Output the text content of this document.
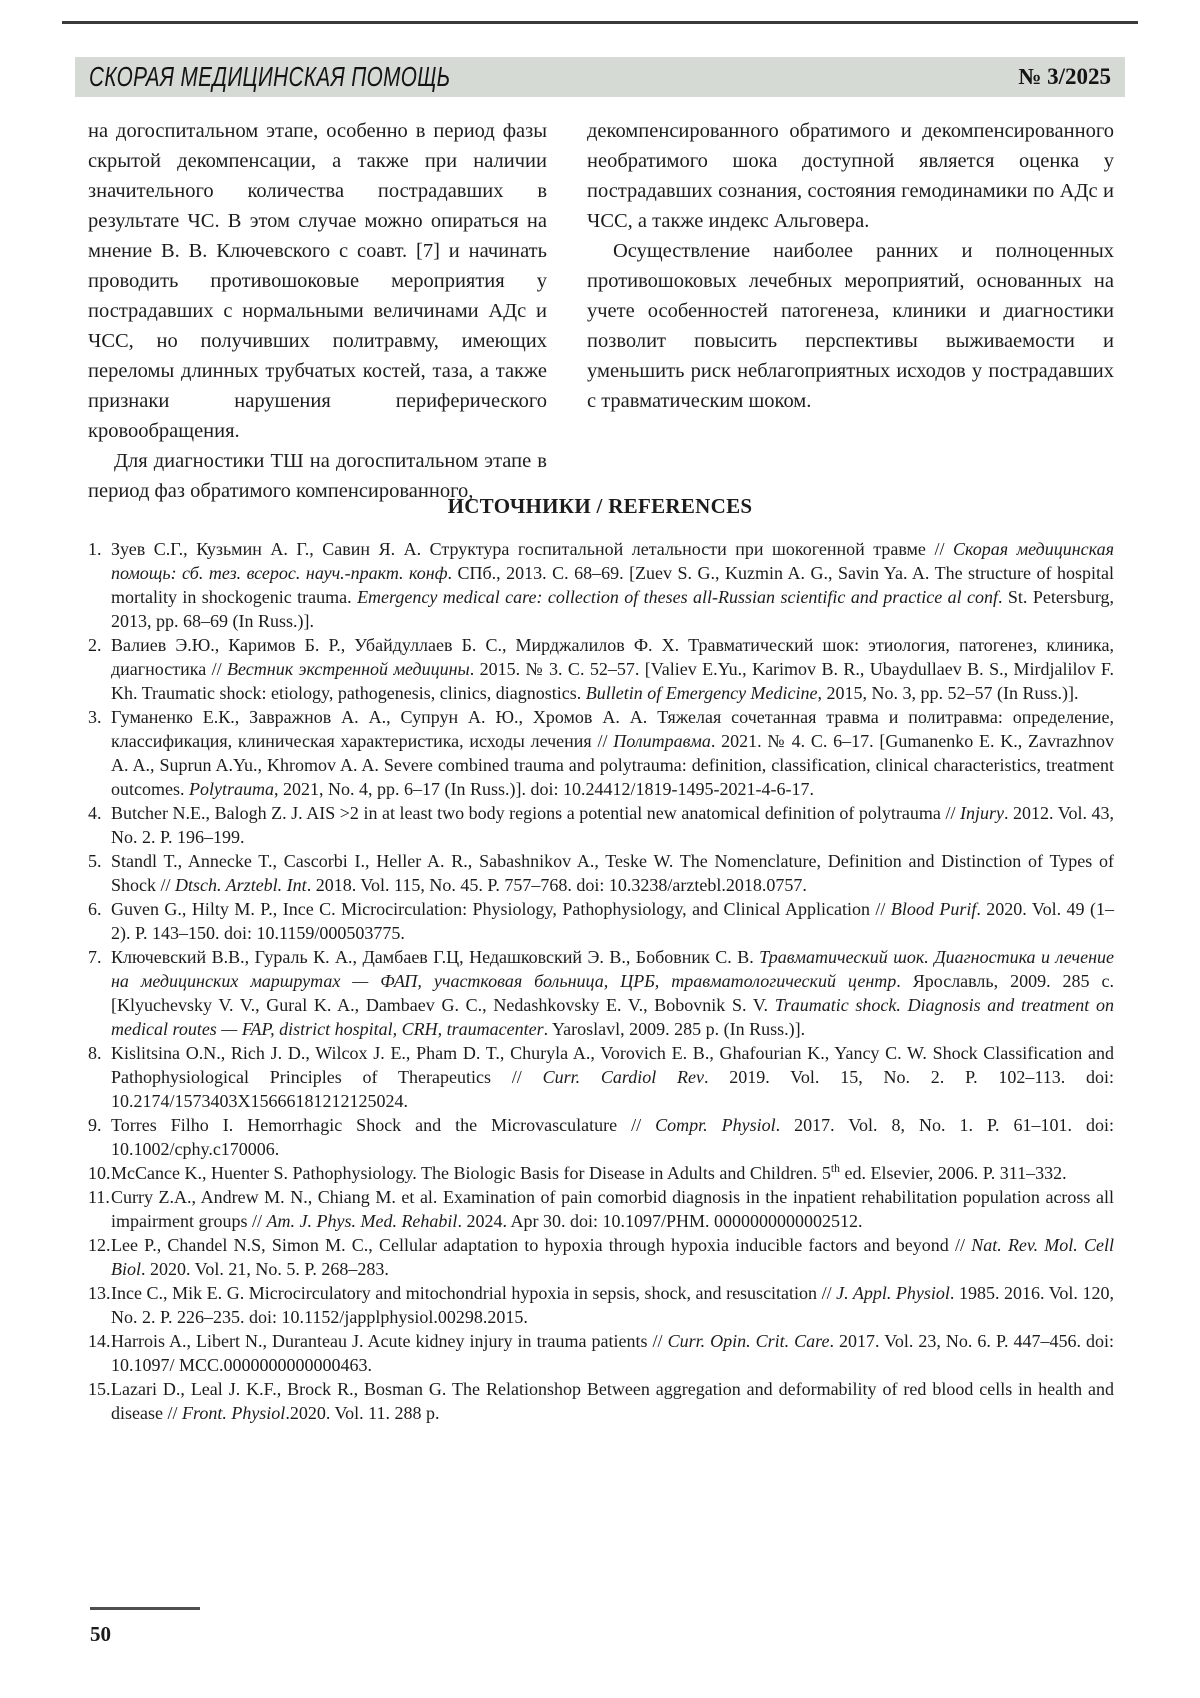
СКОРАЯ МЕДИЦИНСКАЯ ПОМОЩЬ	№ 3/2025

на догоспитальном этапе, особенно в период фазы скрытой декомпенсации, а также при наличии значительного количества пострадавших в результате ЧС. В этом случае можно опираться на мнение В. В. Ключевского с соавт. [7] и начинать проводить противошоковые мероприятия у пострадавших с нормальными величинами АДс и ЧСС, но получивших политравму, имеющих переломы длинных трубчатых костей, таза, а также признаки нарушения периферического кровообращения.

Для диагностики ТШ на догоспитальном этапе в период фаз обратимого компенсированного,

декомпенсированного обратимого и декомпенсированного необратимого шока доступной является оценка у пострадавших сознания, состояния гемодинамики по АДс и ЧСС, а также индекс Альговера.

Осуществление наиболее ранних и полноценных противошоковых лечебных мероприятий, основанных на учете особенностей патогенеза, клиники и диагностики позволит повысить перспективы выживаемости и уменьшить риск неблагоприятных исходов у пострадавших с травматическим шоком.

ИСТОЧНИКИ / REFERENCES
1. Зуев С.Г., Кузьмин А. Г., Савин Я. А. Структура госпитальной летальности при шокогенной травме // Скорая медицинская помощь: сб. тез. всерос. науч.-практ. конф. СПб., 2013. С. 68–69. [Zuev S. G., Kuzmin A. G., Savin Ya. A. The structure of hospital mortality in shockogenic trauma. Emergency medical care: collection of theses all-Russian scientific and practice al conf. St. Petersburg, 2013, pp. 68–69 (In Russ.)].
2. Валиев Э.Ю., Каримов Б. Р., Убайдуллаев Б. С., Мирджалилов Ф. Х. Травматический шок: этиология, патогенез, клиника, диагностика // Вестник экстренной медицины. 2015. № 3. С. 52–57. [Valiev E.Yu., Karimov B. R., Ubaydullaev B. S., Mirdjalilov F. Kh. Traumatic shock: etiology, pathogenesis, clinics, diagnostics. Bulletin of Emergency Medicine, 2015, No. 3, pp. 52–57 (In Russ.)].
3. Гуманенко Е.К., Завражнов А. А., Супрун А. Ю., Хромов А. А. Тяжелая сочетанная травма и политравма: определение, классификация, клиническая характеристика, исходы лечения // Политравма. 2021. № 4. С. 6–17. [Gumanenko E. K., Zavrazhnov A. A., Suprun A.Yu., Khromov A. A. Severe combined trauma and polytrauma: definition, classification, clinical characteristics, treatment outcomes. Polytrauma, 2021, No. 4, pp. 6–17 (In Russ.)]. doi: 10.24412/1819-1495-2021-4-6-17.
4. Butcher N.E., Balogh Z. J. AIS >2 in at least two body regions a potential new anatomical definition of polytrauma // Injury. 2012. Vol. 43, No. 2. P. 196–199.
5. Standl T., Annecke T., Cascorbi I., Heller A. R., Sabashnikov A., Teske W. The Nomenclature, Definition and Distinction of Types of Shock // Dtsch. Arztebl. Int. 2018. Vol. 115, No. 45. P. 757–768. doi: 10.3238/arztebl.2018.0757.
6. Guven G., Hilty M. P., Ince C. Microcirculation: Physiology, Pathophysiology, and Clinical Application // Blood Purif. 2020. Vol. 49 (1–2). P. 143–150. doi: 10.1159/000503775.
7. Ключевский В.В., Гураль К. А., Дамбаев Г.Ц, Недашковский Э. В., Бобовник С. В. Травматический шок. Диагностика и лечение на медицинских маршрутах — ФАП, участковая больница, ЦРБ, травматологический центр. Ярославль, 2009. 285 с. [Klyuchevsky V. V., Gural K. A., Dambaev G. C., Nedashkovsky E. V., Bobovnik S. V. Traumatic shock. Diagnosis and treatment on medical routes — FAP, district hospital, CRH, traumacenter. Yaroslavl, 2009. 285 p. (In Russ.)].
8. Kislitsina O.N., Rich J. D., Wilcox J. E., Pham D. T., Churyla A., Vorovich E. B., Ghafourian K., Yancy C. W. Shock Classification and Pathophysiological Principles of Therapeutics // Curr. Cardiol Rev. 2019. Vol. 15, No. 2. P. 102–113. doi: 10.2174/1573403X15666181212125024.
9. Torres Filho I. Hemorrhagic Shock and the Microvasculature // Compr. Physiol. 2017. Vol. 8, No. 1. P. 61–101. doi: 10.1002/cphy.c170006.
10.McCance K., Huenter S. Pathophysiology. The Biologic Basis for Disease in Adults and Children. 5th ed. Elsevier, 2006. P. 311–332.
11.Curry Z.A., Andrew M. N., Chiang M. et al. Examination of pain comorbid diagnosis in the inpatient rehabilitation population across all impairment groups // Am. J. Phys. Med. Rehabil. 2024. Apr 30. doi: 10.1097/PHM. 0000000000002512.
12.Lee P., Chandel N.S, Simon M. C., Cellular adaptation to hypoxia through hypoxia inducible factors and beyond // Nat. Rev. Mol. Cell Biol. 2020. Vol. 21, No. 5. P. 268–283.
13.Ince C., Mik E. G. Microcirculatory and mitochondrial hypoxia in sepsis, shock, and resuscitation // J. Appl. Physiol. 1985. 2016. Vol. 120, No. 2. P. 226–235. doi: 10.1152/japplphysiol.00298.2015.
14.Harrois A., Libert N., Duranteau J. Acute kidney injury in trauma patients // Curr. Opin. Crit. Care. 2017. Vol. 23, No. 6. P. 447–456. doi: 10.1097/ MCC.0000000000000463.
15.Lazari D., Leal J. K.F., Brock R., Bosman G. The Relationshop Between aggregation and deformability of red blood cells in health and disease // Front. Physiol.2020. Vol. 11. 288 p.
50
